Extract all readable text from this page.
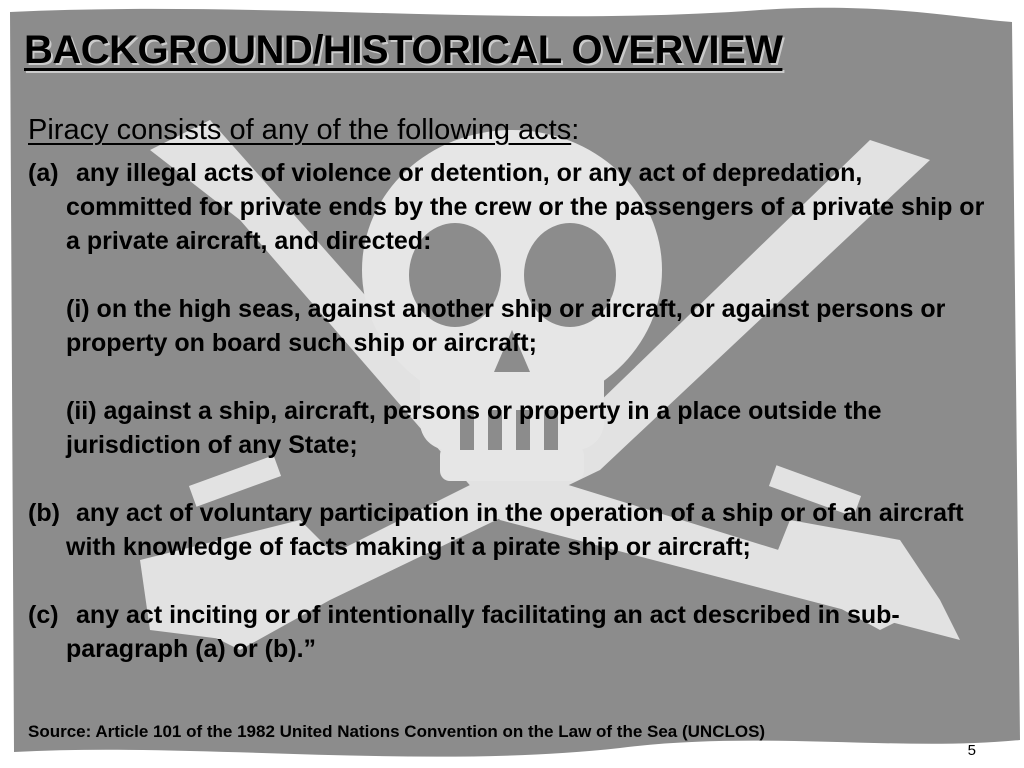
BACKGROUND/HISTORICAL OVERVIEW

Piracy consists of any of the following acts:

(a) any illegal acts of violence or detention, or any act of depredation, committed for private ends by the crew or the passengers of a private ship or a private aircraft, and directed:
(i) on the high seas, against another ship or aircraft, or against persons or property on board such ship or aircraft;
(ii) against a ship, aircraft, persons or property in a place outside the jurisdiction of any State;
(b) any act of voluntary participation in the operation of a ship or of an aircraft with knowledge of facts making it a pirate ship or aircraft;
(c) any act inciting or of intentionally facilitating an act described in sub-paragraph (a) or (b).”
Source: Article 101 of the 1982 United Nations Convention on the Law of the Sea (UNCLOS)
5
